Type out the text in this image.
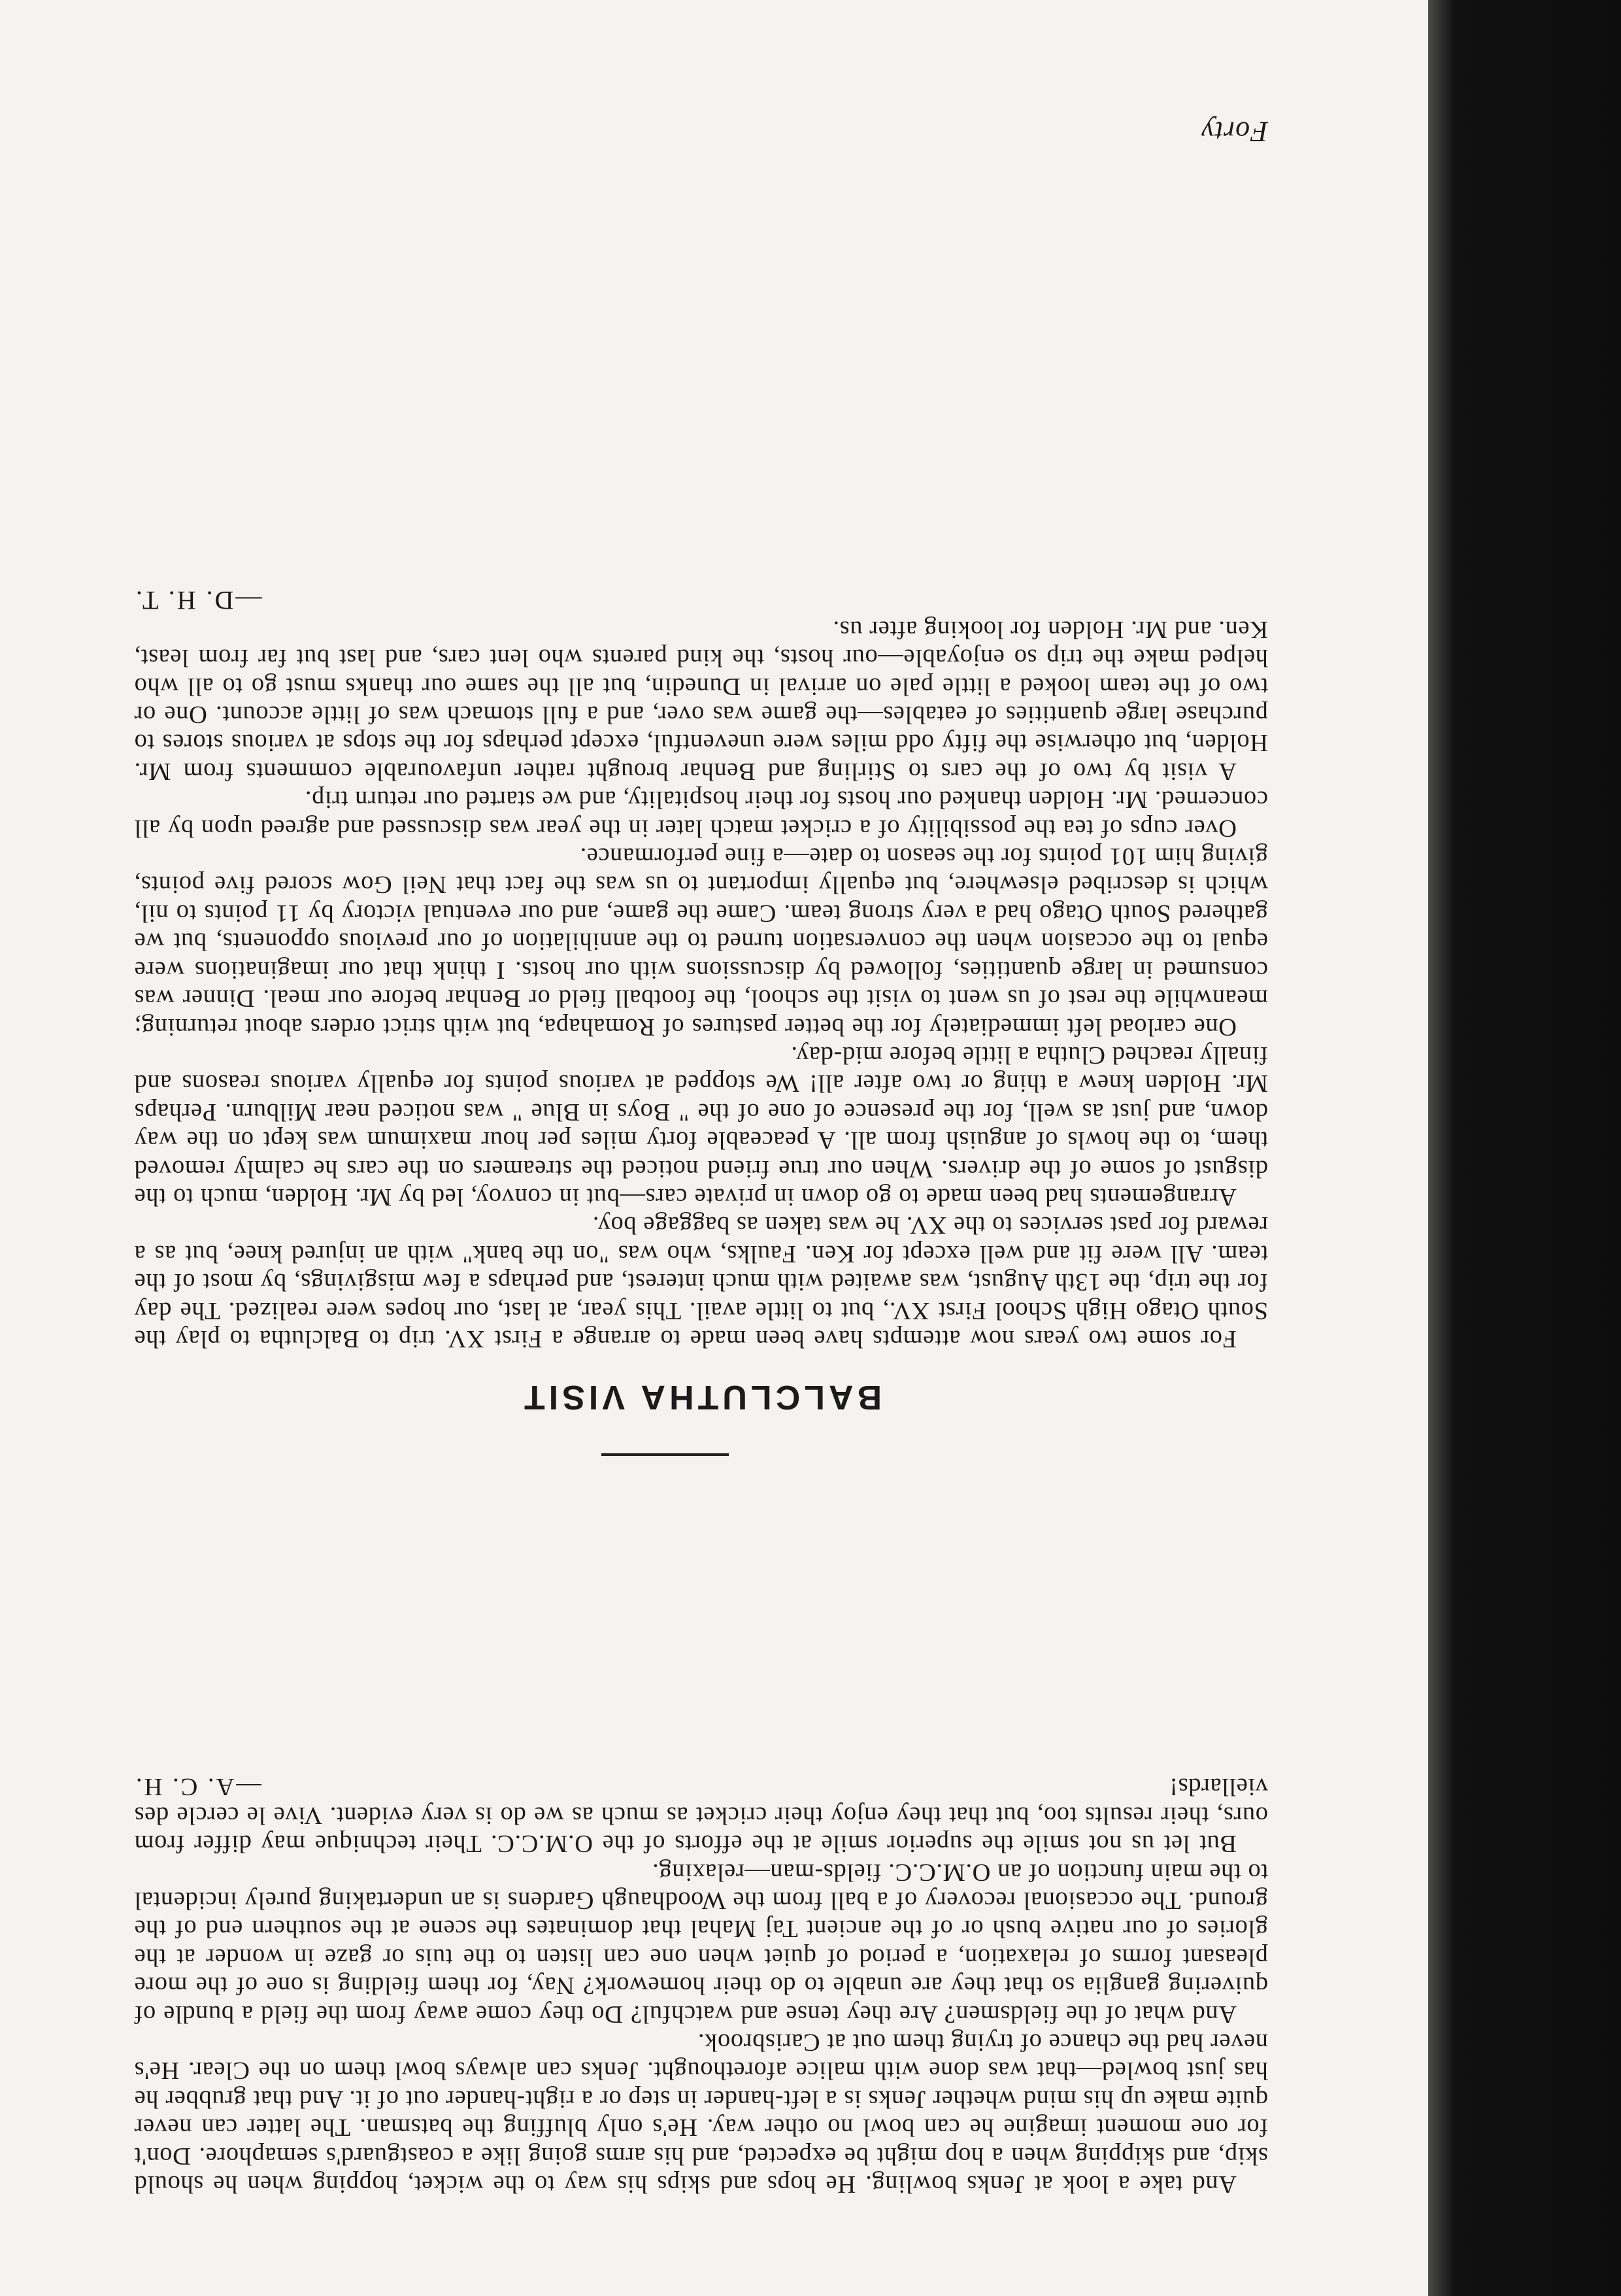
And take a look at Jenks bowling. He hops and skips his way to the wicket, hopping when he should skip, and skipping when a hop might be expected, and his arms going like a coastguard's semaphore. Don't for one moment imagine he can bowl no other way. He's only bluffing the batsman. The latter can never quite make up his mind whether Jenks is a left-hander in step or a right-hander out of it. And that grubber he has just bowled—that was done with malice aforethought. Jenks can always bowl them on the Clear. He's never had the chance of trying them out at Carisbrook.

And what of the fieldsmen? Are they tense and watchful? Do they come away from the field a bundle of quivering ganglia so that they are unable to do their homework? Nay, for them fielding is one of the more pleasant forms of relaxation, a period of quiet when one can listen to the tuis or gaze in wonder at the glories of our native bush or of the ancient Taj Mahal that dominates the scene at the southern end of the ground. The occasional recovery of a ball from the Woodhaugh Gardens is an undertaking purely incidental to the main function of an O.M.C.C. fields-man—relaxing.

But let us not smile the superior smile at the efforts of the O.M.C.C. Their technique may differ from ours, their results too, but that they enjoy their cricket as much as we do is very evident. Vive le cercle des viellards!
—A. C. H.

BALCLUTHA VISIT

For some two years now attempts have been made to arrange a First XV. trip to Balclutha to play the South Otago High School First XV., but to little avail. This year, at last, our hopes were realized. The day for the trip, the 13th August, was awaited with much interest, and perhaps a few misgivings, by most of the team. All were fit and well except for Ken. Faulks, who was "on the bank" with an injured knee, but as a reward for past services to the XV. he was taken as baggage boy.

Arrangements had been made to go down in private cars—but in convoy, led by Mr. Holden, much to the disgust of some of the drivers. When our true friend noticed the streamers on the cars he calmly removed them, to the howls of anguish from all. A peaceable forty miles per hour maximum was kept on the way down, and just as well, for the presence of one of the " Boys in Blue " was noticed near Milburn. Perhaps Mr. Holden knew a thing or two after all! We stopped at various points for equally various reasons and finally reached Clutha a little before mid-day.

One carload left immediately for the better pastures of Romahapa, but with strict orders about returning; meanwhile the rest of us went to visit the school, the football field or Benhar before our meal. Dinner was consumed in large quantities, followed by discussions with our hosts. I think that our imaginations were equal to the occasion when the conversation turned to the annihilation of our previous opponents, but we gathered South Otago had a very strong team. Came the game, and our eventual victory by 11 points to nil, which is described elsewhere, but equally important to us was the fact that Neil Gow scored five points, giving him 101 points for the season to date—a fine performance.

Over cups of tea the possibility of a cricket match later in the year was discussed and agreed upon by all concerned. Mr. Holden thanked our hosts for their hospitality, and we started our return trip.

A visit by two of the cars to Stirling and Benhar brought rather unfavourable comments from Mr. Holden, but otherwise the fifty odd miles were uneventful, except perhaps for the stops at various stores to purchase large quantities of eatables—the game was over, and a full stomach was of little account. One or two of the team looked a little pale on arrival in Dunedin, but all the same our thanks must go to all who helped make the trip so enjoyable—our hosts, the kind parents who lent cars, and last but far from least, Ken. and Mr. Holden for looking after us.

—D. H. T.

Forty
